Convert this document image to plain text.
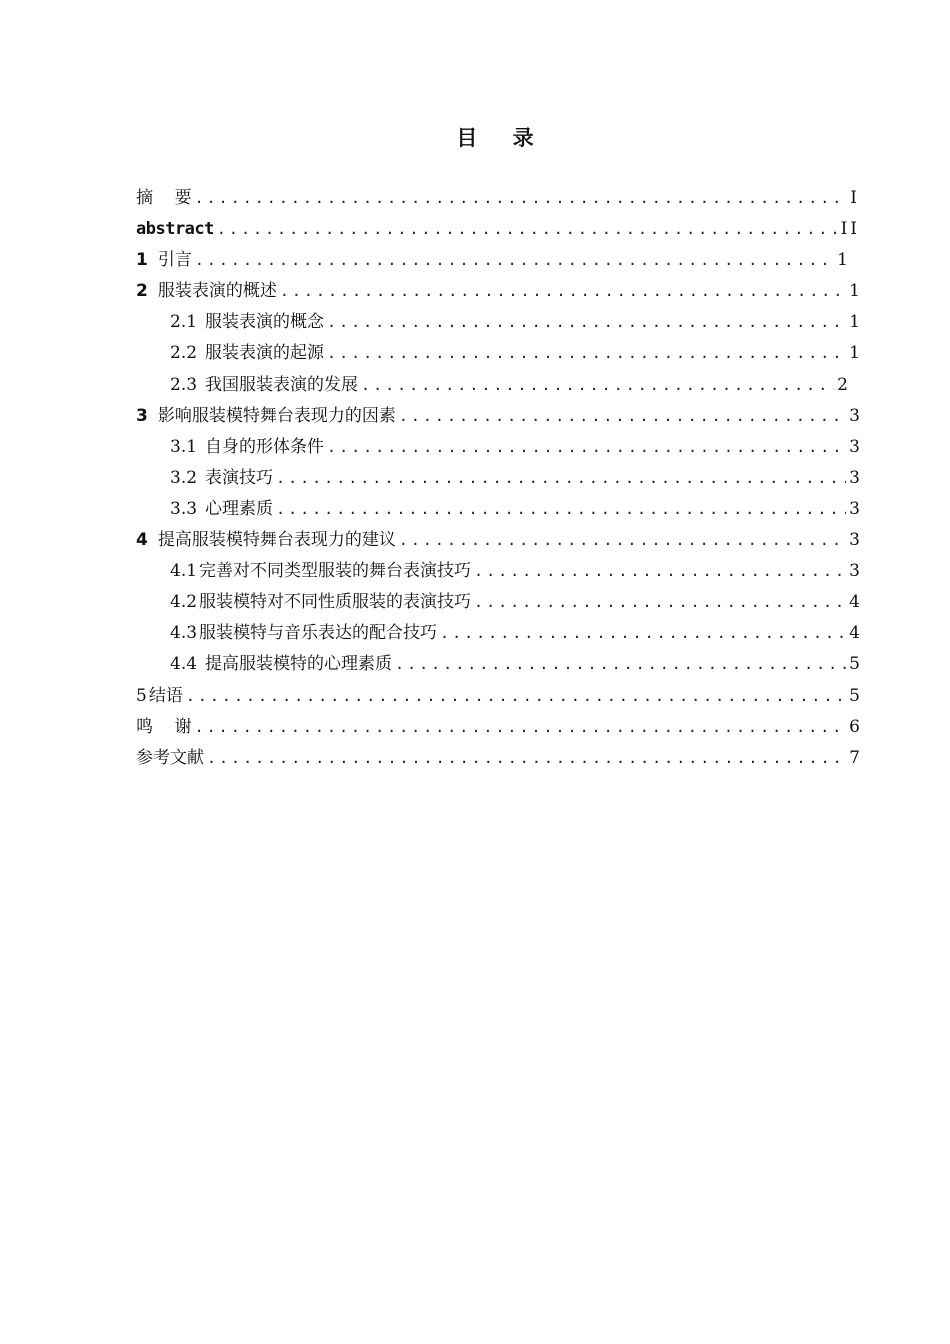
目 录
摘    要 .....	I
abstract .....	II
1 引言 .....	1
2 服装表演的概述 .....	1
2.1 服装表演的概念 .....	1
2.2 服装表演的起源 .....	1
2.3 我国服装表演的发展 .....	2
3 影响服装模特舞台表现力的因素 .....	3
3.1 自身的形体条件 .....	3
3.2 表演技巧 .....	3
3.3 心理素质 .....	3
4 提高服装模特舞台表现力的建议 .....	3
4.1 完善对不同类型服装的舞台表演技巧 .....	3
4.2 服装模特对不同性质服装的表演技巧 .....	4
4.3 服装模特与音乐表达的配合技巧 .....	4
4.4 提高服装模特的心理素质 .....	5
5 结语 .....	5
鸣    谢 .....	6
参考文献 .....	7
